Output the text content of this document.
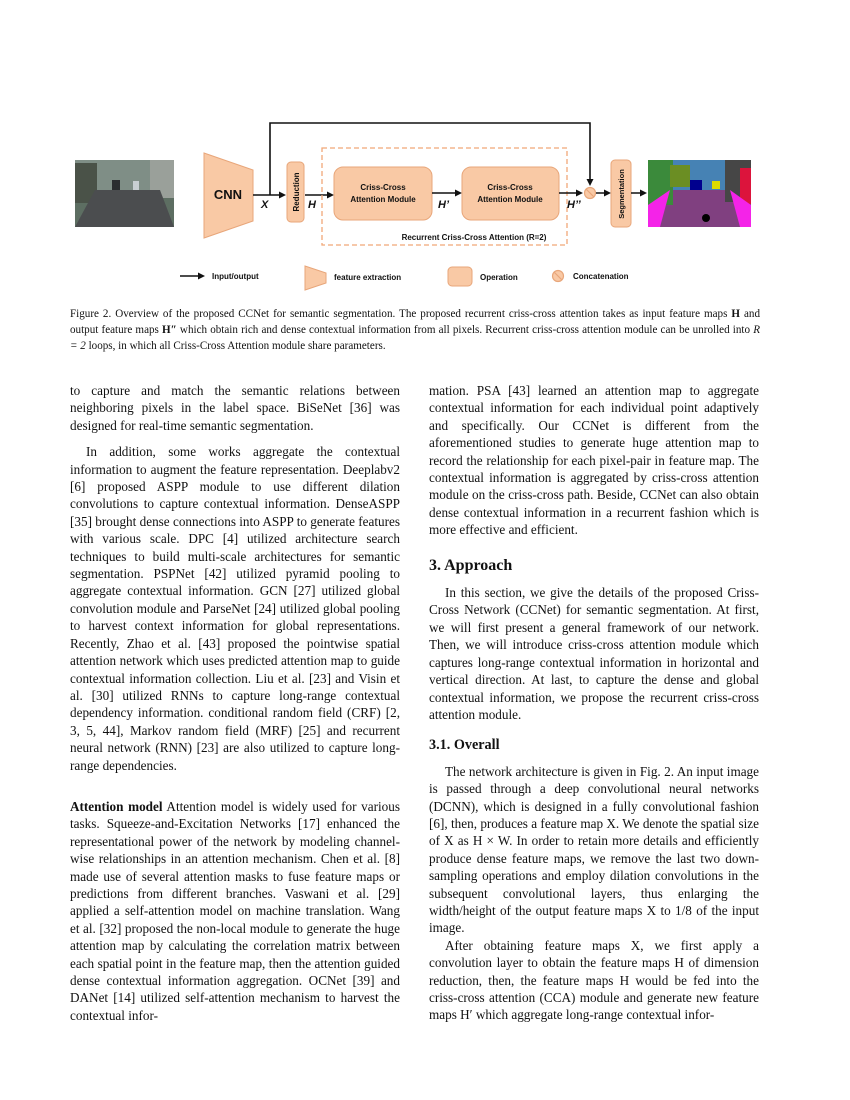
CNN
X	Reduction H
Recurrent Criss-Cross Attention (R=2)
Criss-Cross
Attention Module H’
Criss-Cross
Attention Module H’’	Segmentation
Input/output	feature extraction	Operation	Concatenation
Figure 2. Overview of the proposed CCNet for semantic segmentation. The proposed recurrent criss-cross attention takes as input feature maps H and output feature maps H″ which obtain rich and dense contextual information from all pixels. Recurrent criss-cross attention module can be unrolled into R = 2 loops, in which all Criss-Cross Attention module share parameters.

to capture and match the semantic relations between neighboring pixels in the label space. BiSeNet [36] was designed for real-time semantic segmentation.

In addition, some works aggregate the contextual information to augment the feature representation. Deeplabv2 [6] proposed ASPP module to use different dilation convolutions to capture contextual information. DenseASPP [35] brought dense connections into ASPP to generate features with various scale. DPC [4] utilized architecture search techniques to build multi-scale architectures for semantic segmentation. PSPNet [42] utilized pyramid pooling to aggregate contextual information. GCN [27] utilized global convolution module and ParseNet [24] utilized global pooling to harvest context information for global representations. Recently, Zhao et al. [43] proposed the pointwise spatial attention network which uses predicted attention map to guide contextual information collection. Liu et al. [23] and Visin et al. [30] utilized RNNs to capture long-range contextual dependency information. conditional random field (CRF) [2, 3, 5, 44], Markov random field (MRF) [25] and recurrent neural network (RNN) [23] are also utilized to capture long-range dependencies.

Attention model Attention model is widely used for various tasks. Squeeze-and-Excitation Networks [17] enhanced the representational power of the network by modeling channel-wise relationships in an attention mechanism. Chen et al. [8] made use of several attention masks to fuse feature maps or predictions from different branches. Vaswani et al. [29] applied a self-attention model on machine translation. Wang et al. [32] proposed the non-local module to generate the huge attention map by calculating the correlation matrix between each spatial point in the feature map, then the attention guided dense contextual information aggregation. OCNet [39] and DANet [14] utilized self-attention mechanism to harvest the contextual infor-

mation. PSA [43] learned an attention map to aggregate contextual information for each individual point adaptively and specifically. Our CCNet is different from the aforementioned studies to generate huge attention map to record the relationship for each pixel-pair in feature map. The contextual information is aggregated by criss-cross attention module on the criss-cross path. Beside, CCNet can also obtain dense contextual information in a recurrent fashion which is more effective and efficient.

3. Approach

In this section, we give the details of the proposed Criss-Cross Network (CCNet) for semantic segmentation. At first, we will first present a general framework of our network. Then, we will introduce criss-cross attention module which captures long-range contextual information in horizontal and vertical direction. At last, to capture the dense and global contextual information, we propose the recurrent criss-cross attention module.

3.1. Overall

The network architecture is given in Fig. 2. An input image is passed through a deep convolutional neural networks (DCNN), which is designed in a fully convolutional fashion [6], then, produces a feature map X. We denote the spatial size of X as H × W. In order to retain more details and efficiently produce dense feature maps, we remove the last two down-sampling operations and employ dilation convolutions in the subsequent convolutional layers, thus enlarging the width/height of the output feature maps X to 1/8 of the input image.

After obtaining feature maps X, we first apply a convolution layer to obtain the feature maps H of dimension reduction, then, the feature maps H would be fed into the criss-cross attention (CCA) module and generate new feature maps H′ which aggregate long-range contextual infor-
